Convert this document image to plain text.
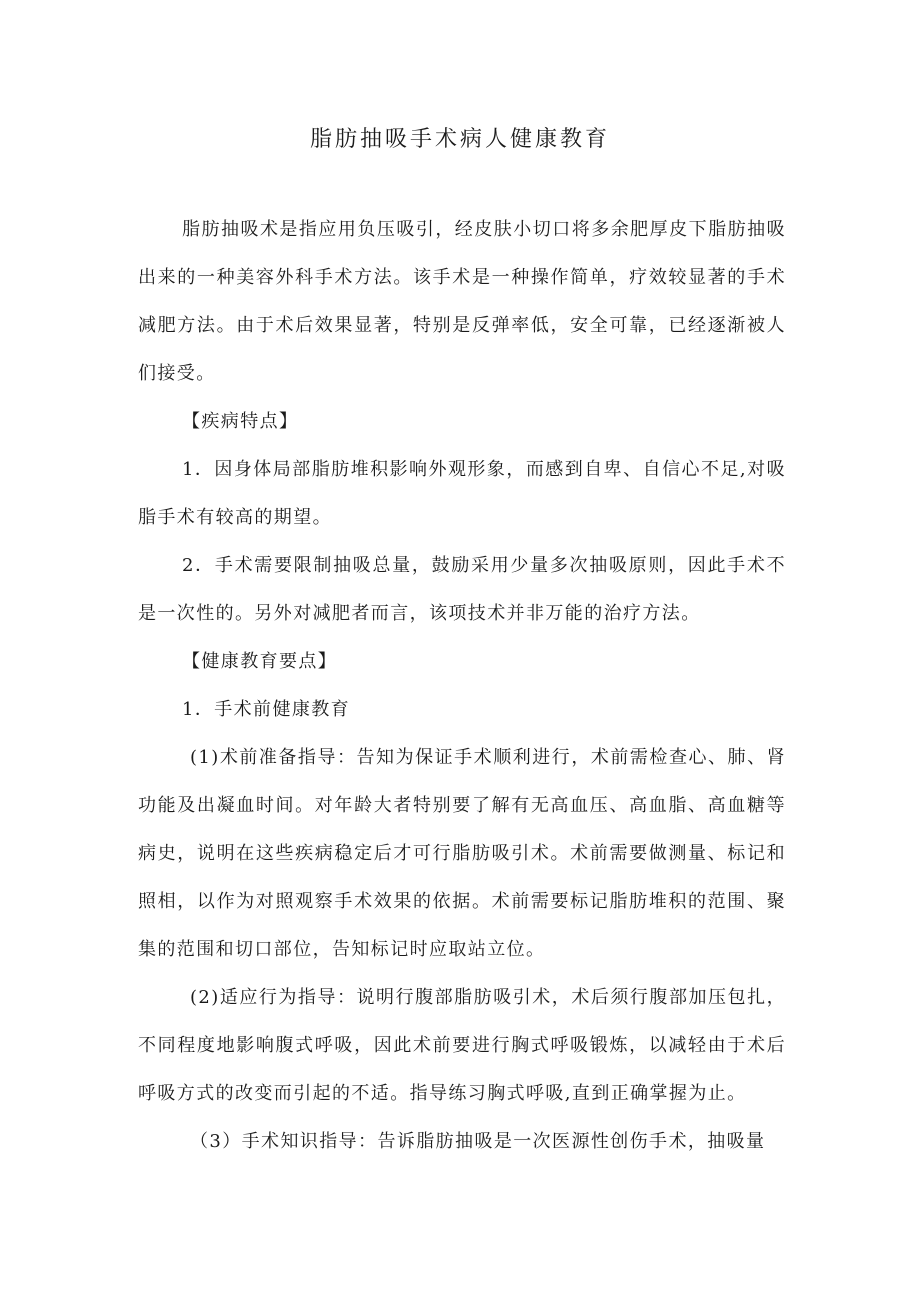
脂肪抽吸手术病人健康教育

脂肪抽吸术是指应用负压吸引，经皮肤小切口将多余肥厚皮下脂肪抽吸出来的一种美容外科手术方法。该手术是一种操作简单，疗效较显著的手术减肥方法。由于术后效果显著，特别是反弹率低，安全可靠，已经逐渐被人们接受。

【疾病特点】

1．因身体局部脂肪堆积影响外观形象，而感到自卑、自信心不足,对吸脂手术有较高的期望。

2．手术需要限制抽吸总量，鼓励采用少量多次抽吸原则，因此手术不是一次性的。另外对减肥者而言，该项技术并非万能的治疗方法。

【健康教育要点】

1．手术前健康教育

(1)术前准备指导：告知为保证手术顺利进行，术前需检查心、肺、肾功能及出凝血时间。对年龄大者特别要了解有无高血压、高血脂、高血糖等病史，说明在这些疾病稳定后才可行脂肪吸引术。术前需要做测量、标记和照相，以作为对照观察手术效果的依据。术前需要标记脂肪堆积的范围、聚集的范围和切口部位，告知标记时应取站立位。

(2)适应行为指导：说明行腹部脂肪吸引术，术后须行腹部加压包扎，不同程度地影响腹式呼吸，因此术前要进行胸式呼吸锻炼，以减轻由于术后呼吸方式的改变而引起的不适。指导练习胸式呼吸,直到正确掌握为止。

（3）手术知识指导：告诉脂肪抽吸是一次医源性创伤手术，抽吸量
